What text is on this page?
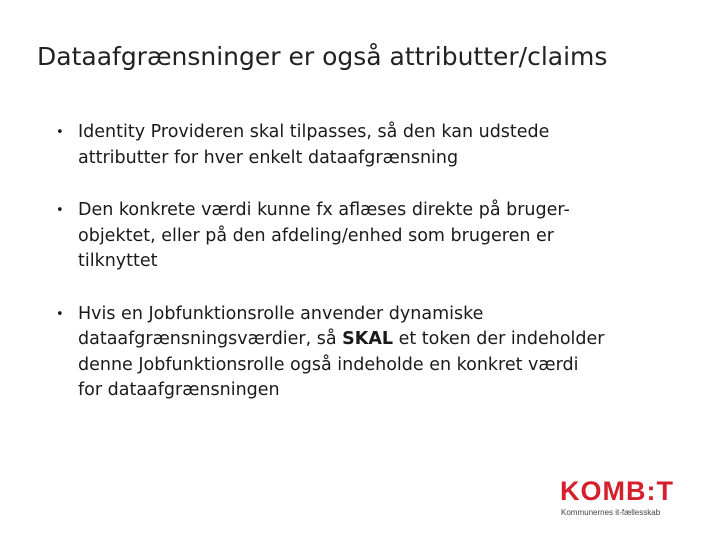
Dataafgrænsninger er også attributter/claims
• Identity Provideren skal tilpasses, så den kan udstede
attributter for hver enkelt dataafgrænsning
• Den konkrete værdi kunne fx aflæses direkte på bruger-
objektet, eller på den afdeling/enhed som brugeren er
tilknyttet
• Hvis en Jobfunktionsrolle anvender dynamiske
dataafgrænsningsværdier, så SKAL et token der indeholder
denne Jobfunktionsrolle også indeholde en konkret værdi
for dataafgrænsningen
KOMB:T
Kommunernes it-fællesskab
